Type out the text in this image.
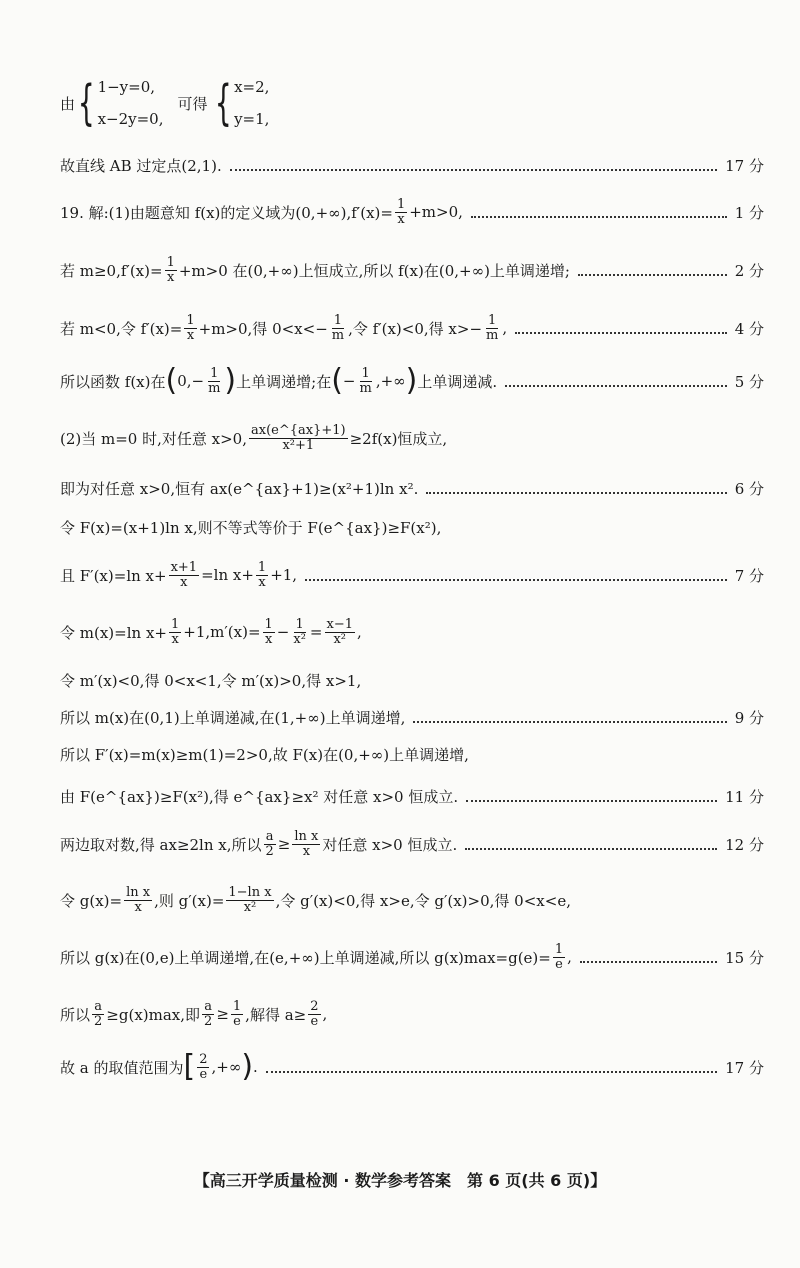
由 { 1−y=0,
x−2y=0,
可得 { x=2,
y=1,
故直线 AB 过定点(2,1).	17 分
19. 解:(1)由题意知 f(x)的定义域为$(0,+\infty),f'(x)= \frac{1}{x} +m>0$,	1 分
若 $m\ge 0,f'(x)= \frac{1}{x} +m>0$ 在(0,+∞)上恒成立,所以 f(x)在(0,+∞)上单调递增;	2 分
若 m<0,令 $f'(x)= \frac{1}{x} +m>0$,得 $0<x<- \frac{1}{m}$ ,令 f′(x)<0,得 $x>- \frac{1}{m}$ ,	4 分
所以函数 f(x)在 ( $0,- \frac{1}{m}$ ) 上单调递增;在 ( − $\frac{1}{m}$ ,+∞ ) 上单调递减.	5 分
(2)当 m=0 时,对任意 x>0, $\frac{ax(e\^{}\{ax\}+1)}{\text{x²+1}} \ge 2f(x)$恒成立,
即为对任意 x>0,恒有 ax(e^{ax}+1)≥(x²+1)ln x².	6 分
令 F(x)=(x+1)ln x,则不等式等价于 F(e^{ax})≥F(x²),
且 F′(x)=ln $x+ \frac{x+1}{x} =\ln$ $x+ \frac{1}{x} +1$,	7 分
令 m(x)=ln $x+ \frac{1}{x} +1,m'(x)= \frac{1}{x} - \frac{1}{\text{x²}} = \frac{x-1}{\text{x²}}$ ,
令 m′(x)<0,得 0<x<1,令 m′(x)>0,得 x>1,
所以 m(x)在(0,1)上单调递减,在(1,+∞)上单调递增,	9 分
所以 F′(x)=m(x)≥m(1)=2>0,故 F(x)在(0,+∞)上单调递增,
由 F(e^{ax})≥F(x²),得 e^{ax}≥x² 对任意 x>0 恒成立.	11 分
两边取对数,得 ax≥2ln x,所以 $\frac{a}{2} \ge \frac{\text{ln x}}{x}$ 对任意 x>0 恒成立.	12 分
令 $g(x)= \frac{\text{ln x}}{x}$ ,则 $g'(x)= \frac{\text{1−ln x}}{\text{x²}}$ ,令 g′(x)<0,得 x>e,令 g′(x)>0,得 0<x<e,
所以 g(x)在(0,e)上单调递增,在(e,+∞)上单调递减,所以 $g(x)\max=g(e)= \frac{1}{e}$ ,	15 分
所以 $\frac{a}{2} \ge g(x)\max$,即 $\frac{a}{2} \ge \frac{1}{e}$ ,解得 $a\ge \frac{2}{e}$ ,
故 a 的取值范围为 [ $\frac{2}{e}$ ,+∞ ) .	17 分
【高三开学质量检测 · 数学参考答案　第 6 页(共 6 页)】
